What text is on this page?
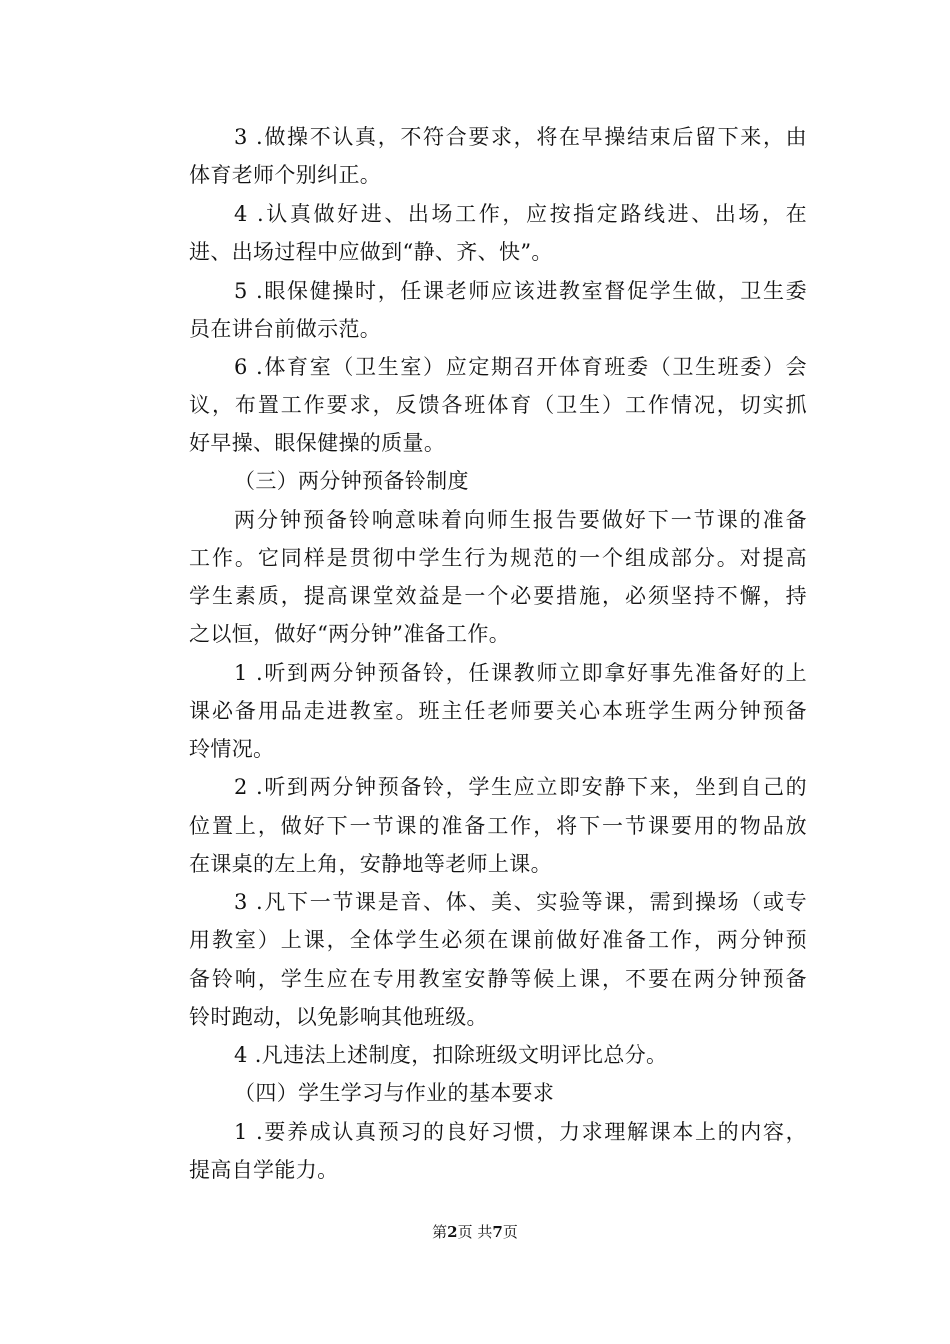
3 .做操不认真，不符合要求，将在早操结束后留下来，由

体育老师个别纠正。

4 .认真做好进、出场工作，应按指定路线进、出场，在

进、出场过程中应做到“静、齐、快”。

5 .眼保健操时，任课老师应该进教室督促学生做，卫生委

员在讲台前做示范。

6 .体育室（卫生室）应定期召开体育班委（卫生班委）会

议，布置工作要求，反馈各班体育（卫生）工作情况，切实抓

好早操、眼保健操的质量。

（三）两分钟预备铃制度

两分钟预备铃响意味着向师生报告要做好下一节课的准备

工作。它同样是贯彻中学生行为规范的一个组成部分。对提高

学生素质，提高课堂效益是一个必要措施，必须坚持不懈，持

之以恒，做好“两分钟”准备工作。

1 .听到两分钟预备铃，任课教师立即拿好事先准备好的上

课必备用品走进教室。班主任老师要关心本班学生两分钟预备

玲情况。

2 .听到两分钟预备铃，学生应立即安静下来，坐到自己的

位置上，做好下一节课的准备工作，将下一节课要用的物品放

在课桌的左上角，安静地等老师上课。

3 .凡下一节课是音、体、美、实验等课，需到操场（或专

用教室）上课，全体学生必须在课前做好准备工作，两分钟预

备铃响，学生应在专用教室安静等候上课，不要在两分钟预备

铃时跑动，以免影响其他班级。

4 .凡违法上述制度，扣除班级文明评比总分。

（四）学生学习与作业的基本要求

1 .要养成认真预习的良好习惯，力求理解课本上的内容，

提高自学能力。

第2页 共7页
